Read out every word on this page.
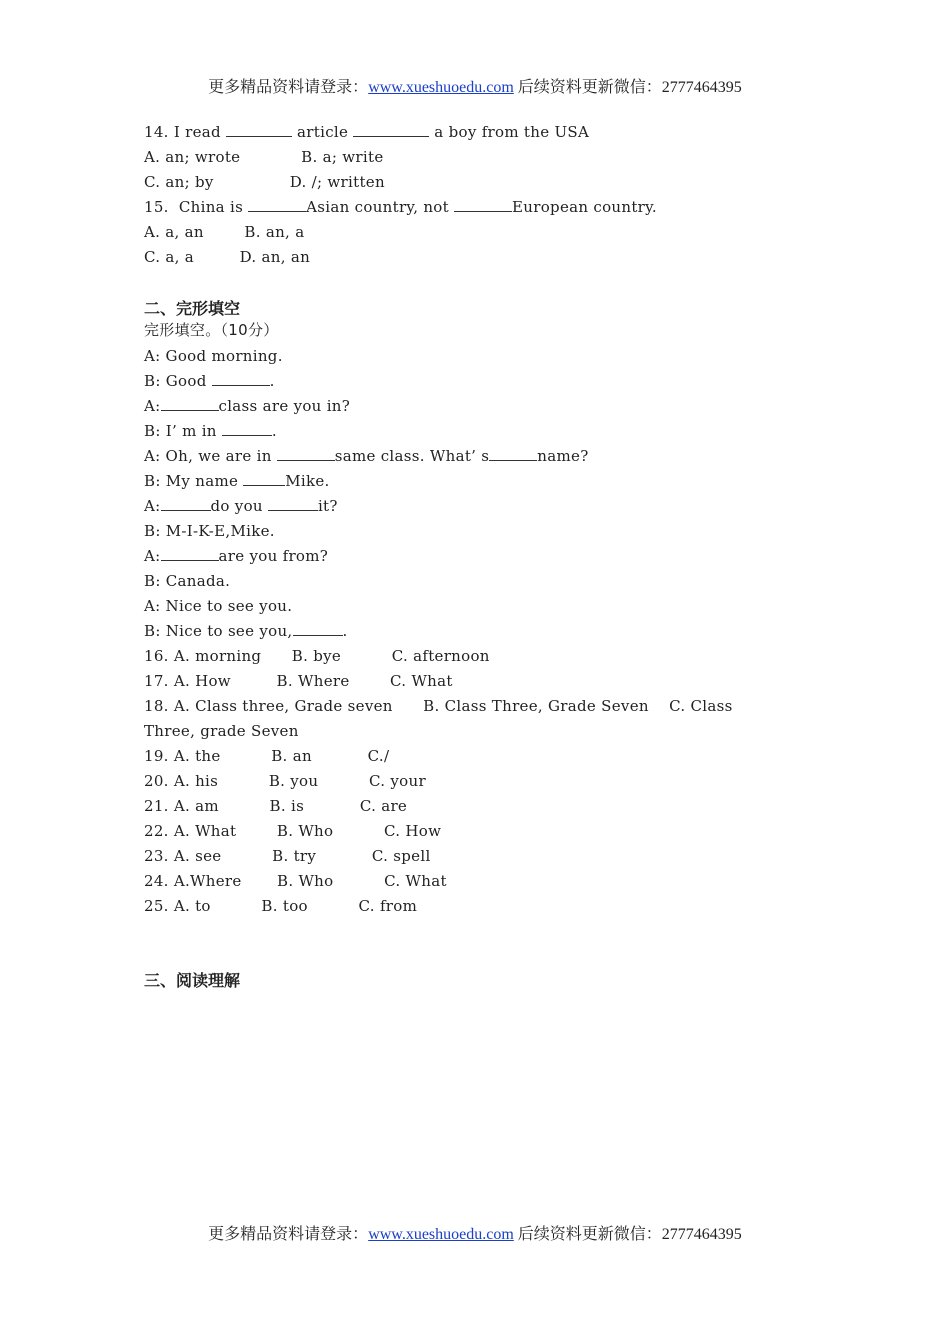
更多精品资料请登录：www.xueshuoedu.com 后续资料更新微信：2777464395
14. I read	article	a boy from the USA
A. an; wrote            B. a; write
C. an; by               D. /; written
15.  China is	Asian country, not	European country.
A. a, an        B. an, a
C. a, a         D. an, an
二、完形填空
完形填空。（10分）
A: Good morning.
B: Good	.
A:	class are you in?
B: I’ m in	.
A: Oh, we are in	same class. What’ s	name?
B: My name	Mike.
A:	do you	it?
B: M-I-K-E,Mike.
A:	are you from?
B: Canada.
A: Nice to see you.
B: Nice to see you,	.
16. A. morning      B. bye          C. afternoon
17. A. How         B. Where        C. What
18. A. Class three, Grade seven      B. Class Three, Grade Seven    C. Class
Three, grade Seven
19. A. the          B. an           C./
20. A. his          B. you          C. your
21. A. am          B. is           C. are
22. A. What        B. Who          C. How
23. A. see          B. try           C. spell
24. A.Where       B. Who          C. What
25. A. to          B. too          C. from
三、阅读理解
更多精品资料请登录：www.xueshuoedu.com 后续资料更新微信：2777464395
